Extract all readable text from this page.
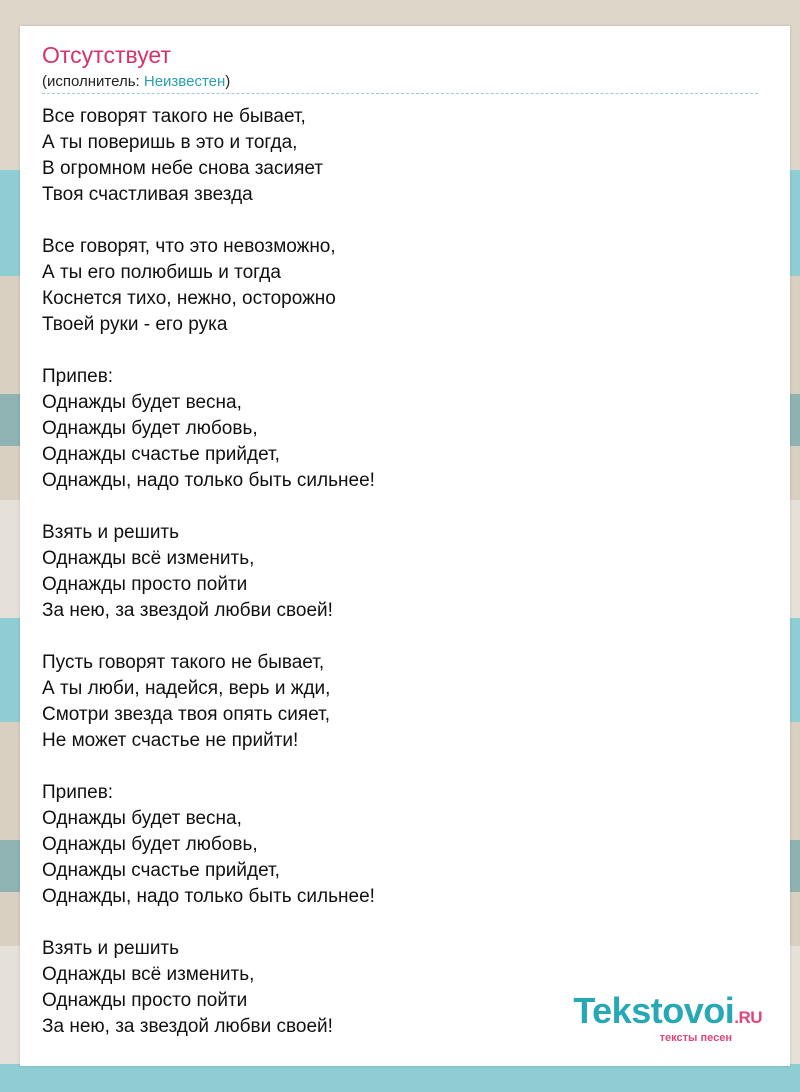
Отсутствует
(исполнитель: Неизвестен)
Все говорят такого не бывает,
А ты поверишь в это и тогда,
В огромном небе снова засияет
Твоя счастливая звезда
Все говорят, что это невозможно,
А ты его полюбишь и тогда
Коснется тихо, нежно, осторожно
Твоей руки - его рука
Припев:
Однажды будет весна,
Однажды будет любовь,
Однажды счастье прийдет,
Однажды, надо только быть сильнее!
Взять и решить
Однажды всё изменить,
Однажды просто пойти
За нею, за звездой любви своей!
Пусть говорят такого не бывает,
А ты люби, надейся, верь и жди,
Смотри звезда твоя опять сияет,
Не может счастье не прийти!
Припев:
Однажды будет весна,
Однажды будет любовь,
Однажды счастье прийдет,
Однажды, надо только быть сильнее!
Взять и решить
Однажды всё изменить,
Однажды просто пойти
За нею, за звездой любви своей!	Tekstovoi.RU
тексты песен
